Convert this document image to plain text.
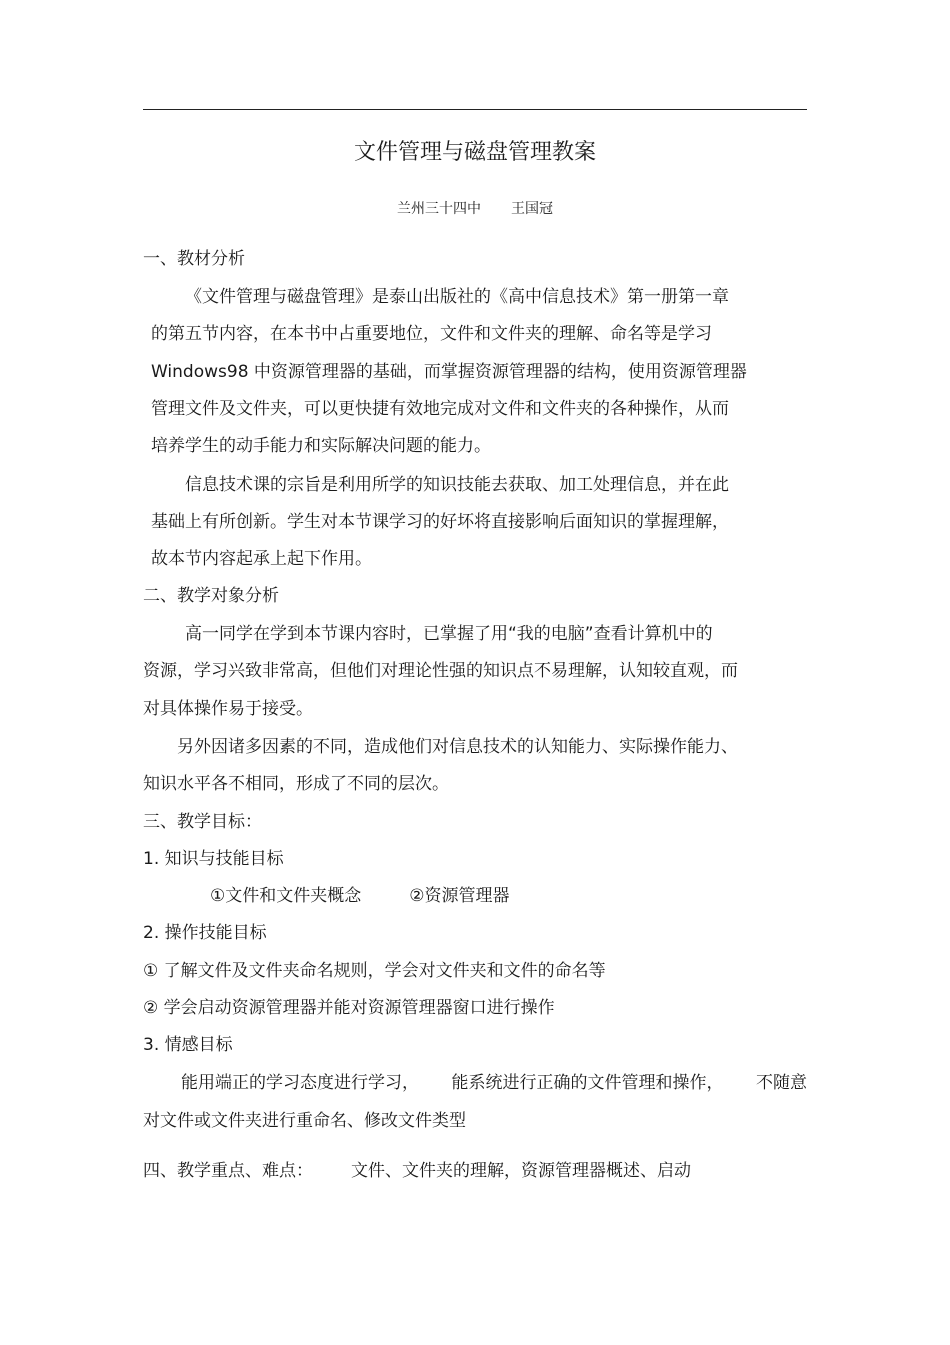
文件管理与磁盘管理教案
兰州三十四中 王国冠
一、教材分析
《文件管理与磁盘管理》是泰山出版社的《高中信息技术》第一册第一章
的第五节内容，在本书中占重要地位，文件和文件夹的理解、命名等是学习
Windows98 中资源管理器的基础，而掌握资源管理器的结构，使用资源管理器
管理文件及文件夹，可以更快捷有效地完成对文件和文件夹的各种操作，从而
培养学生的动手能力和实际解决问题的能力。
信息技术课的宗旨是利用所学的知识技能去获取、加工处理信息，并在此
基础上有所创新。学生对本节课学习的好坏将直接影响后面知识的掌握理解，
故本节内容起承上起下作用。
二、教学对象分析
高一同学在学到本节课内容时，已掌握了用“我的电脑”查看计算机中的
资源，学习兴致非常高，但他们对理论性强的知识点不易理解，认知较直观，而
对具体操作易于接受。
另外因诸多因素的不同，造成他们对信息技术的认知能力、实际操作能力、
知识水平各不相同，形成了不同的层次。
三、教学目标：
1. 知识与技能目标
①文件和文件夹概念	②资源管理器
2. 操作技能目标
① 了解文件及文件夹命名规则，学会对文件夹和文件的命名等
② 学会启动资源管理器并能对资源管理器窗口进行操作
3. 情感目标
能用端正的学习态度进行学习， 能系统进行正确的文件管理和操作， 不随意
对文件或文件夹进行重命名、修改文件类型
四、教学重点、难点： 文件、文件夹的理解，资源管理器概述、启动
